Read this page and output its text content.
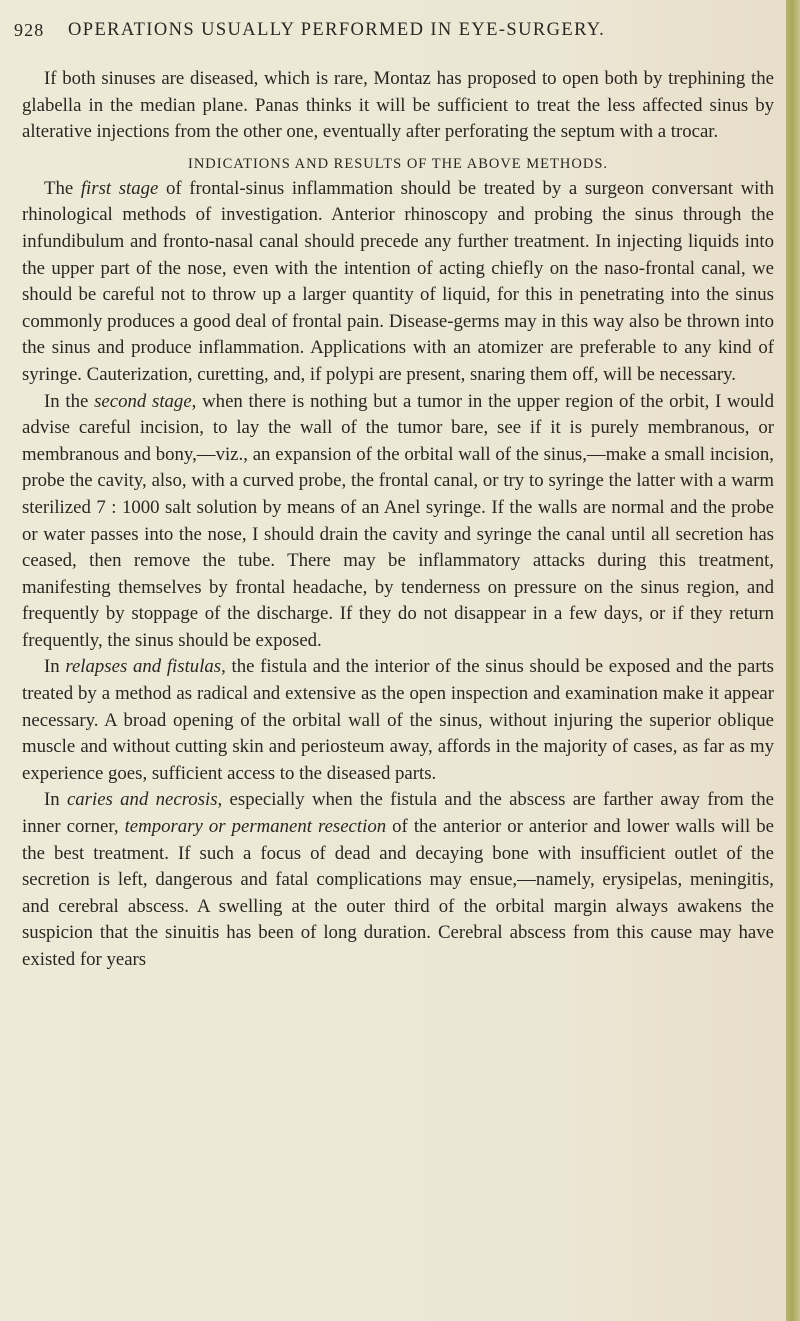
928 OPERATIONS USUALLY PERFORMED IN EYE-SURGERY.

If both sinuses are diseased, which is rare, Montaz has proposed to open both by trephining the glabella in the median plane. Panas thinks it will be sufficient to treat the less affected sinus by alterative injections from the other one, eventually after perforating the septum with a trocar.

INDICATIONS AND RESULTS OF THE ABOVE METHODS.

The first stage of frontal-sinus inflammation should be treated by a surgeon conversant with rhinological methods of investigation. Anterior rhinoscopy and probing the sinus through the infundibulum and fronto-nasal canal should precede any further treatment. In injecting liquids into the upper part of the nose, even with the intention of acting chiefly on the naso-frontal canal, we should be careful not to throw up a larger quantity of liquid, for this in penetrating into the sinus commonly produces a good deal of frontal pain. Disease-germs may in this way also be thrown into the sinus and produce inflammation. Applications with an atomizer are preferable to any kind of syringe. Cauterization, curetting, and, if polypi are present, snaring them off, will be necessary.

In the second stage, when there is nothing but a tumor in the upper region of the orbit, I would advise careful incision, to lay the wall of the tumor bare, see if it is purely membranous, or membranous and bony,—viz., an expansion of the orbital wall of the sinus,—make a small incision, probe the cavity, also, with a curved probe, the frontal canal, or try to syringe the latter with a warm sterilized 7 : 1000 salt solution by means of an Anel syringe. If the walls are normal and the probe or water passes into the nose, I should drain the cavity and syringe the canal until all secretion has ceased, then remove the tube. There may be inflammatory attacks during this treatment, manifesting themselves by frontal headache, by tenderness on pressure on the sinus region, and frequently by stoppage of the discharge. If they do not disappear in a few days, or if they return frequently, the sinus should be exposed.

In relapses and fistulas, the fistula and the interior of the sinus should be exposed and the parts treated by a method as radical and extensive as the open inspection and examination make it appear necessary. A broad opening of the orbital wall of the sinus, without injuring the superior oblique muscle and without cutting skin and periosteum away, affords in the majority of cases, as far as my experience goes, sufficient access to the diseased parts.

In caries and necrosis, especially when the fistula and the abscess are farther away from the inner corner, temporary or permanent resection of the anterior or anterior and lower walls will be the best treatment. If such a focus of dead and decaying bone with insufficient outlet of the secretion is left, dangerous and fatal complications may ensue,—namely, erysipelas, meningitis, and cerebral abscess. A swelling at the outer third of the orbital margin always awakens the suspicion that the sinuitis has been of long duration. Cerebral abscess from this cause may have existed for years
